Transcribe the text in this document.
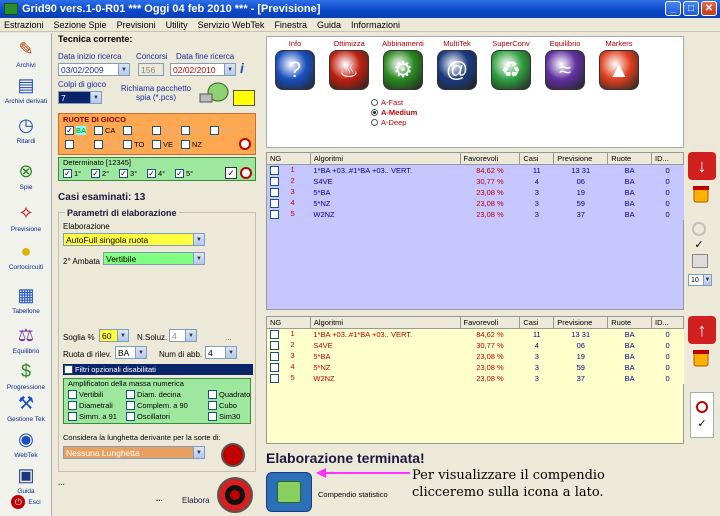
Grid90 vers.1-0-R01 *** Oggi 04 feb 2010 *** - [Previsione]	_	□	✕
Estrazioni Sezione Spie Previsioni Utility Servizio WebTek Finestra Guida Informazioni
✎
Archivi
▤
Archivi derivati
◷
Ritardi
⊗
Spie
✧
Previsione
●
Cortocircuiti
▦
Tabellone
⚖
Equilibrio
$
Progressione
⚒
Gestione Tek
◉
WebTek
▣
Guida
⏻ Esci
Tecnica corrente:
Data inizio ricerca
03/02/2009	▼
Concorsi
156
Data fine ricerca
02/02/2010	▼ i
Colpi di gioco
7	▼
Richiama pacchetto spia (*.pcs)
RUOTE DI GIOCO
✓ BA	CA FI	GE MI	NA
PA	RO TO VE	NZ
Determinato [12345]
✓ 1° ✓ 2° ✓ 3° ✓ 4° ✓ 5°	✓
Casi esaminati: 13
Parametri di elaborazione
Elaborazione
AutoFull singola ruota	▼
2° Ambata Vertibile	▼
Soglia % 60	▼ N.Soluz. 4	▼
Ruota di rilev. BA	▼ Num di abb. 4	▼
...
Filtri opzionali disabilitati
Amplificatori della massa numerica
Vertibili	Diam. decina	Quadrato
Diametrali	Complem. a 90	Cubo
Simm. a 91	Oscillatori	Sim30
Considera la lunghetta derivante per la sorte di:
Nessuna Lunghetta	▼
...
... Elabora
Info
?
Ottimizza
♨
Abbinamenti
⚙
MultiTek
@
SuperConv
♻
Equilibrio
≈
Markers
▲
A-Fast
A-Medium
A-Deep
NG	Algoritmi	Favorevoli	Casi	Previsione	Ruote	ID...
1	1*BA +03..#1*BA +03.. VERT.	84,62 %	11	13 31	BA	0
2	S4VE	30,77 %	4	06	BA	0
3	5*BA	23,08 %	3	19	BA	0
4	5*NZ	23,08 %	3	59	BA	0
5	W2NZ	23,08 %	3	37	BA	0
NG	Algoritmi	Favorevoli	Casi	Previsione	Ruote	ID...
1	1*BA +03..#1*BA +03.. VERT.	84,62 %	11	13 31	BA	0
2	S4VE	30,77 %	4	06	BA	0
3	5*BA	23,08 %	3	19	BA	0
4	5*NZ	23,08 %	3	59	BA	0
5	W2NZ	23,08 %	3	37	BA	0
↓
✓
10 ▼
↑
✓
Elaborazione terminata!
Compendio statistico
Per visualizzare il compendio
clicceremo sulla icona a lato.
